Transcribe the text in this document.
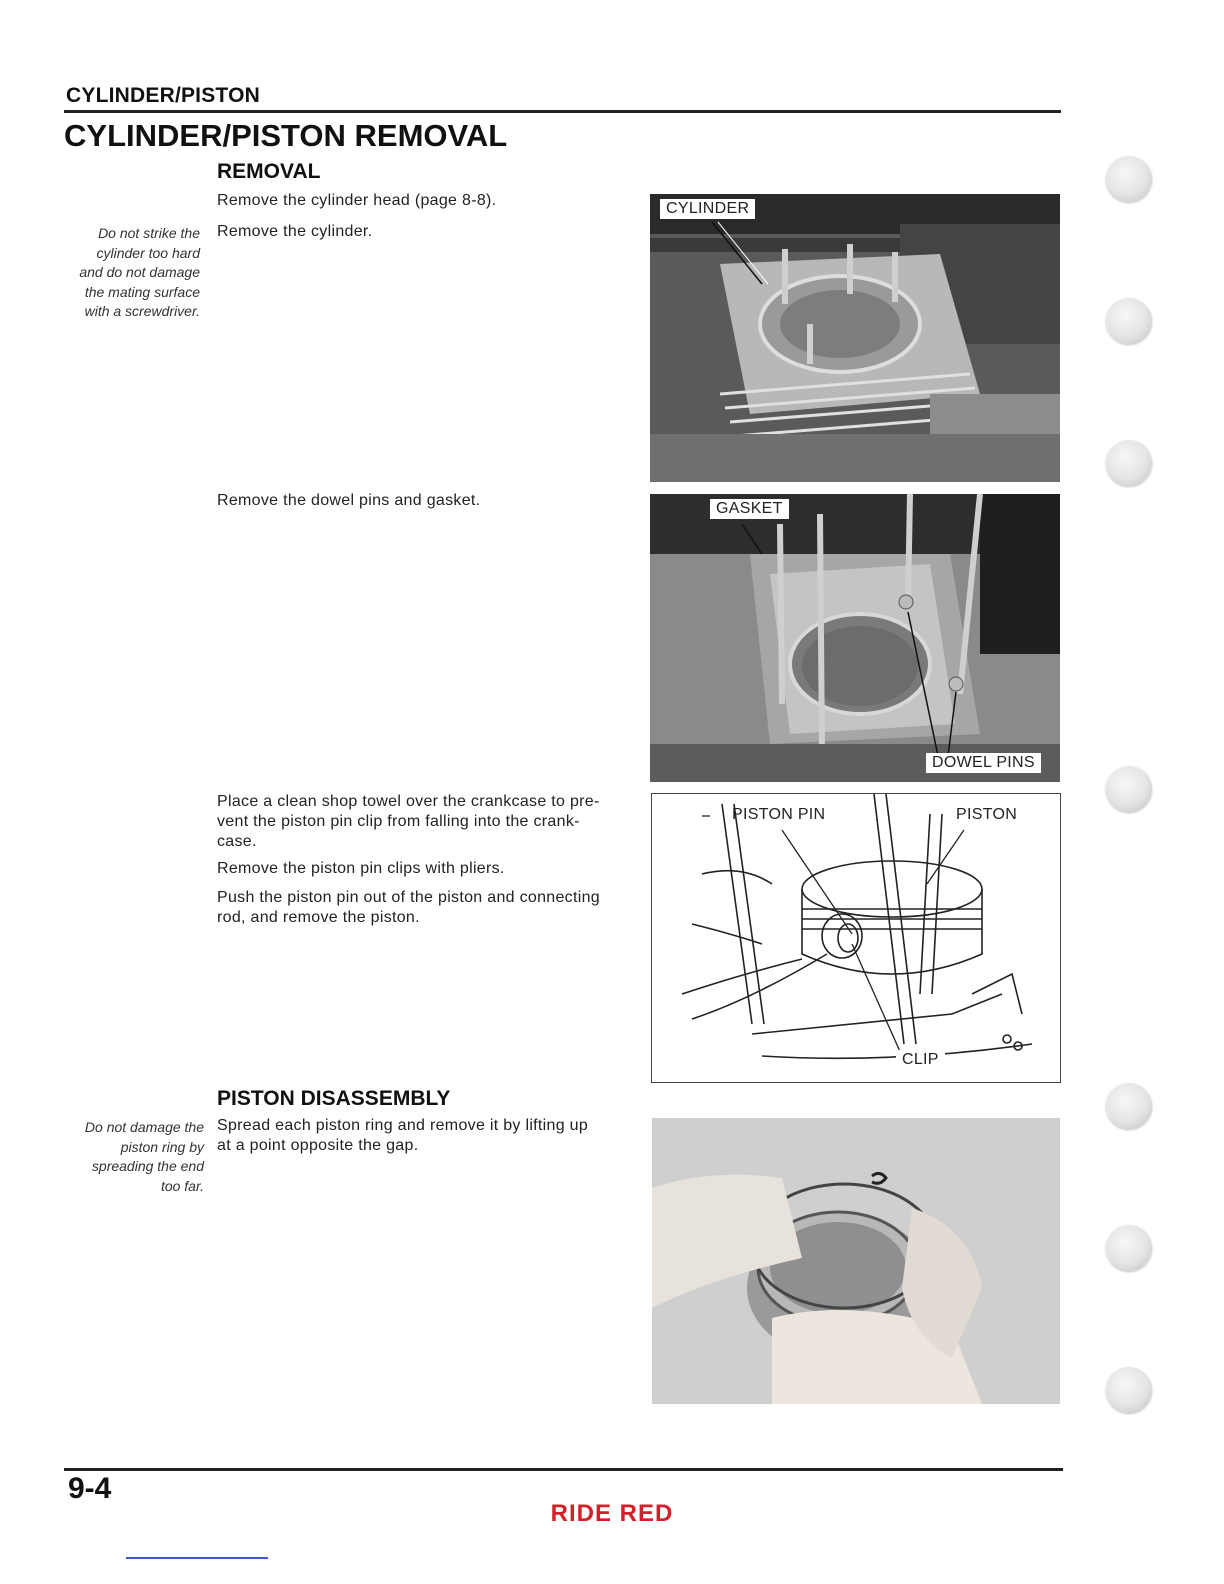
CYLINDER/PISTON
CYLINDER/PISTON REMOVAL
REMOVAL
Remove the cylinder head (page 8-8).
Remove the cylinder.
Do not strike the
cylinder too hard
and do not damage
the mating surface
with a screwdriver.
Remove the dowel pins and gasket.
Place a clean shop towel over the crankcase to pre-
vent the piston pin clip from falling into the crank-
case.
Remove the piston pin clips with pliers.
Push the piston pin out of the piston and connecting
rod, and remove the piston.
PISTON DISASSEMBLY
Spread each piston ring and remove it by lifting up
at a point opposite the gap.
Do not damage the
piston ring by
spreading the end
too far.
CYLINDER
GASKET
DOWEL PINS
PISTON PIN	PISTON
CLIP
9-4
RIDE RED
